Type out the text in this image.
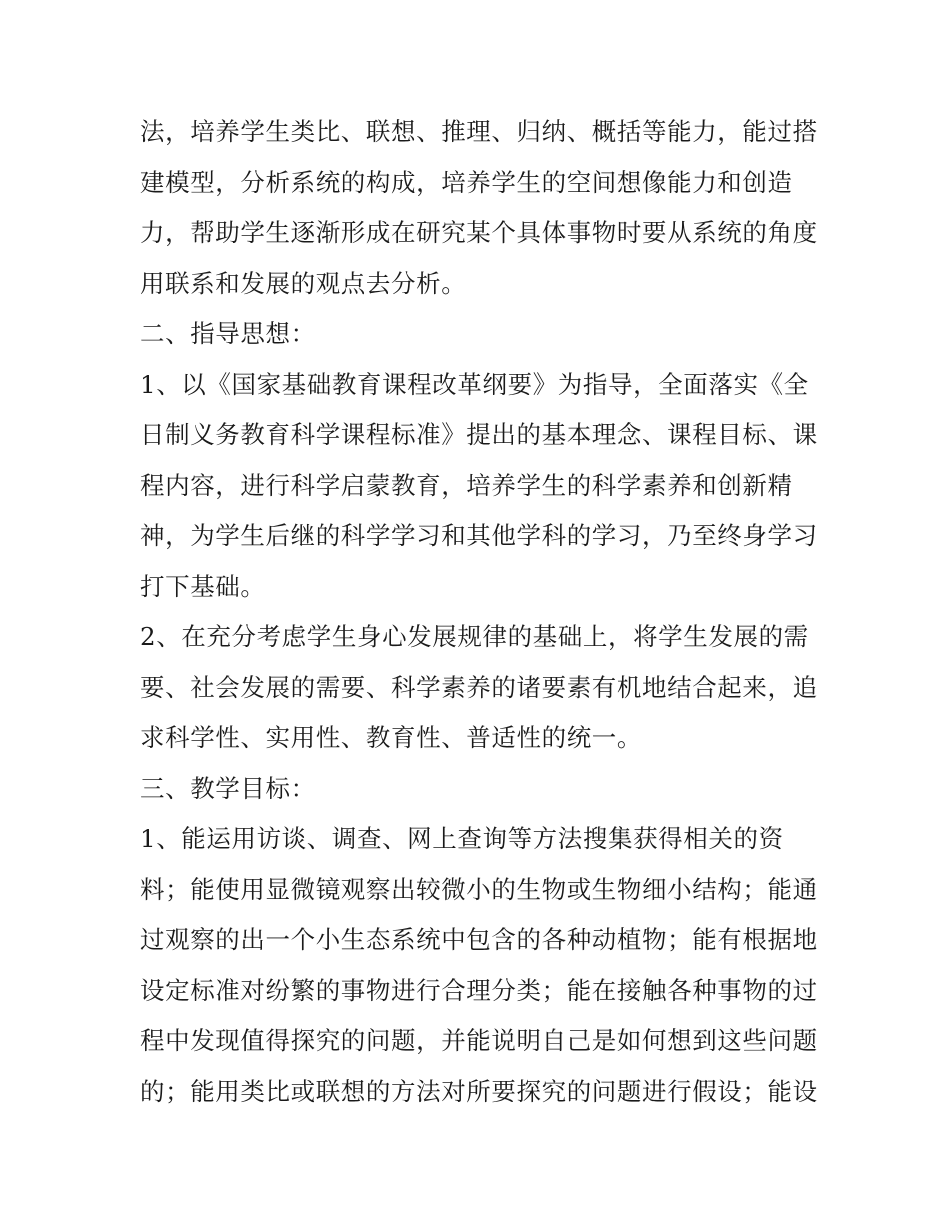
法，培养学生类比、联想、推理、归纳、概括等能力，能过搭
建模型，分析系统的构成，培养学生的空间想像能力和创造
力，帮助学生逐渐形成在研究某个具体事物时要从系统的角度
用联系和发展的观点去分析。
二、指导思想：
1、以《国家基础教育课程改革纲要》为指导，全面落实《全
日制义务教育科学课程标准》提出的基本理念、课程目标、课
程内容，进行科学启蒙教育，培养学生的科学素养和创新精
神，为学生后继的科学学习和其他学科的学习，乃至终身学习
打下基础。
2、在充分考虑学生身心发展规律的基础上，将学生发展的需
要、社会发展的需要、科学素养的诸要素有机地结合起来，追
求科学性、实用性、教育性、普适性的统一。
三、教学目标：
1、能运用访谈、调查、网上查询等方法搜集获得相关的资
料；能使用显微镜观察出较微小的生物或生物细小结构；能通
过观察的出一个小生态系统中包含的各种动植物；能有根据地
设定标准对纷繁的事物进行合理分类；能在接触各种事物的过
程中发现值得探究的问题，并能说明自己是如何想到这些问题
的；能用类比或联想的方法对所要探究的问题进行假设；能设
